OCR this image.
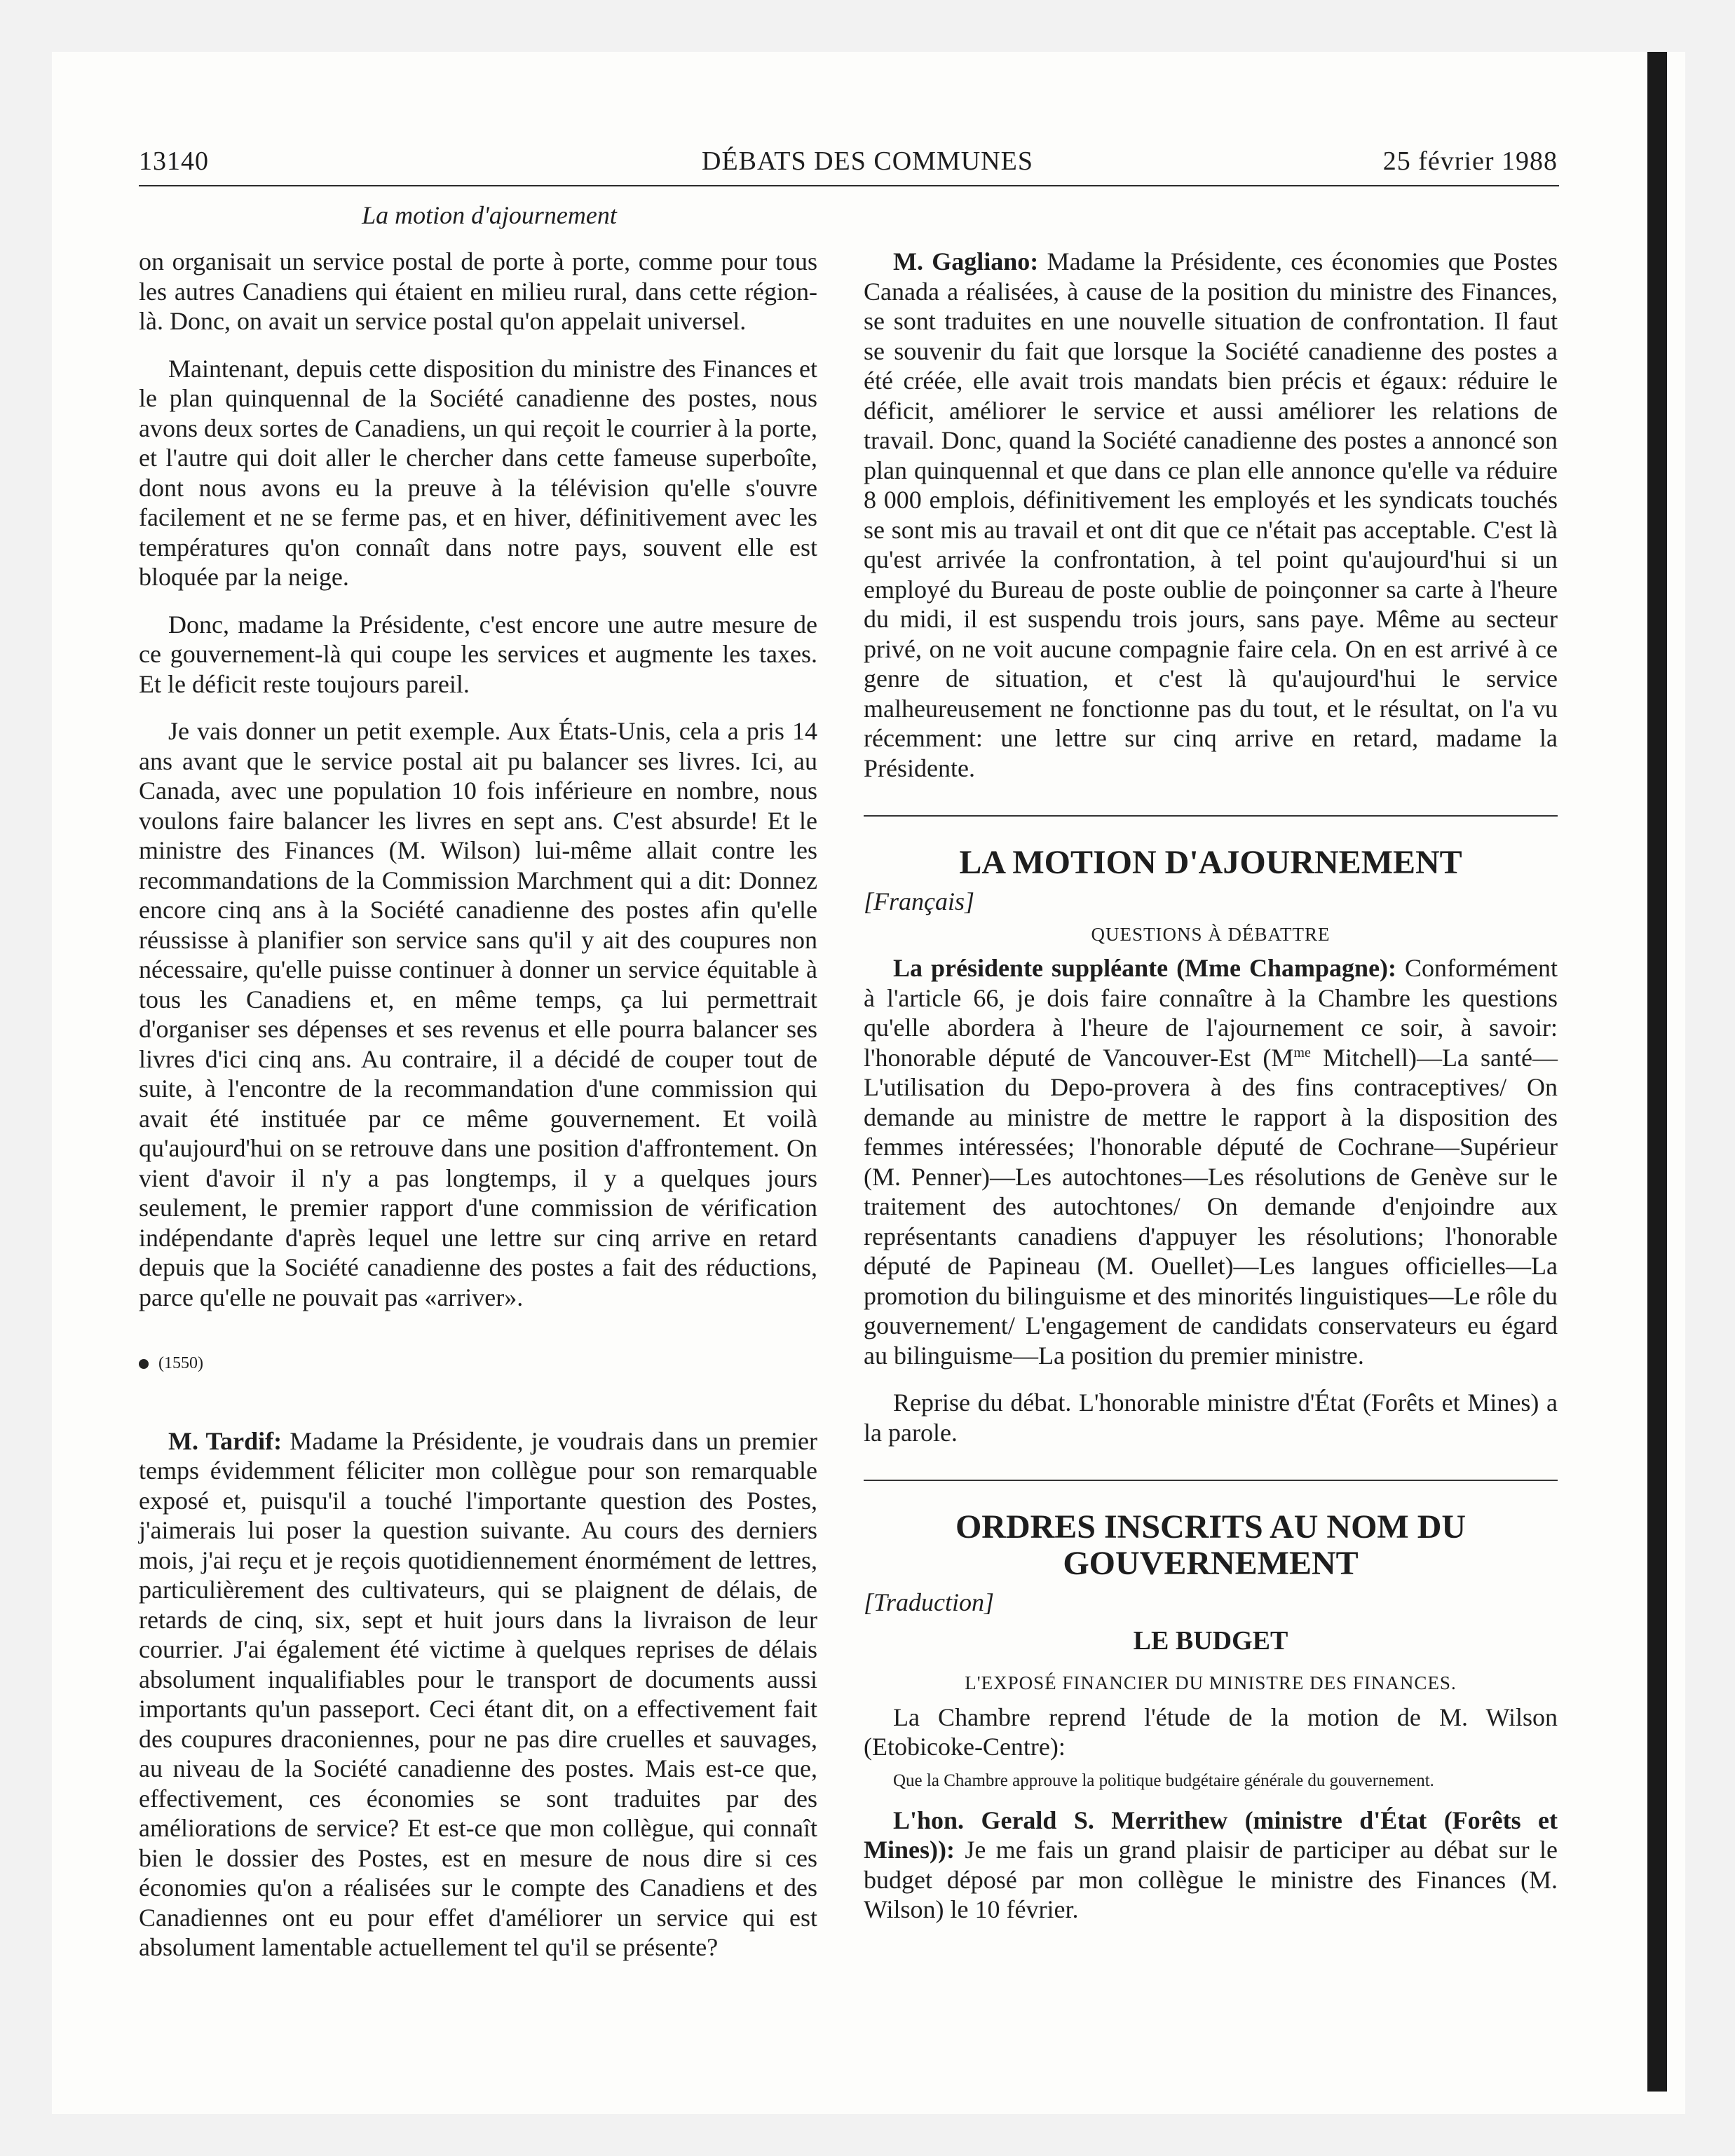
13140	DÉBATS DES COMMUNES	25 février 1988
La motion d'ajournement

on organisait un service postal de porte à porte, comme pour tous les autres Canadiens qui étaient en milieu rural, dans cette région-là. Donc, on avait un service postal qu'on appelait universel.

Maintenant, depuis cette disposition du ministre des Finances et le plan quinquennal de la Société canadienne des postes, nous avons deux sortes de Canadiens, un qui reçoit le courrier à la porte, et l'autre qui doit aller le chercher dans cette fameuse superboîte, dont nous avons eu la preuve à la télévision qu'elle s'ouvre facilement et ne se ferme pas, et en hiver, définitivement avec les températures qu'on connaît dans notre pays, souvent elle est bloquée par la neige.

Donc, madame la Présidente, c'est encore une autre mesure de ce gouvernement-là qui coupe les services et augmente les taxes. Et le déficit reste toujours pareil.

Je vais donner un petit exemple. Aux États-Unis, cela a pris 14 ans avant que le service postal ait pu balancer ses livres. Ici, au Canada, avec une population 10 fois inférieure en nombre, nous voulons faire balancer les livres en sept ans. C'est absurde! Et le ministre des Finances (M. Wilson) lui-même allait contre les recommandations de la Commission Marchment qui a dit: Donnez encore cinq ans à la Société canadienne des postes afin qu'elle réussisse à planifier son service sans qu'il y ait des coupures non nécessaire, qu'elle puisse continuer à donner un service équitable à tous les Canadiens et, en même temps, ça lui permettrait d'organiser ses dépenses et ses revenus et elle pourra balancer ses livres d'ici cinq ans. Au contraire, il a décidé de couper tout de suite, à l'encontre de la recommandation d'une commission qui avait été instituée par ce même gouvernement. Et voilà qu'aujourd'hui on se retrouve dans une position d'affrontement. On vient d'avoir il n'y a pas longtemps, il y a quelques jours seulement, le premier rapport d'une commission de vérification indépendante d'après lequel une lettre sur cinq arrive en retard depuis que la Société canadienne des postes a fait des réductions, parce qu'elle ne pouvait pas «arriver».

(1550)

M. Tardif: Madame la Présidente, je voudrais dans un premier temps évidemment féliciter mon collègue pour son remarquable exposé et, puisqu'il a touché l'importante question des Postes, j'aimerais lui poser la question suivante. Au cours des derniers mois, j'ai reçu et je reçois quotidiennement énormément de lettres, particulièrement des cultivateurs, qui se plaignent de délais, de retards de cinq, six, sept et huit jours dans la livraison de leur courrier. J'ai également été victime à quelques reprises de délais absolument inqualifiables pour le transport de documents aussi importants qu'un passeport. Ceci étant dit, on a effectivement fait des coupures draconiennes, pour ne pas dire cruelles et sauvages, au niveau de la Société canadienne des postes. Mais est-ce que, effectivement, ces économies se sont traduites par des améliorations de service? Et est-ce que mon collègue, qui connaît bien le dossier des Postes, est en mesure de nous dire si ces économies qu'on a réalisées sur le compte des Canadiens et des Canadiennes ont eu pour effet d'améliorer un service qui est absolument lamentable actuellement tel qu'il se présente?

M. Gagliano: Madame la Présidente, ces économies que Postes Canada a réalisées, à cause de la position du ministre des Finances, se sont traduites en une nouvelle situation de confrontation. Il faut se souvenir du fait que lorsque la Société canadienne des postes a été créée, elle avait trois mandats bien précis et égaux: réduire le déficit, améliorer le service et aussi améliorer les relations de travail. Donc, quand la Société canadienne des postes a annoncé son plan quinquennal et que dans ce plan elle annonce qu'elle va réduire 8 000 emplois, définitivement les employés et les syndicats touchés se sont mis au travail et ont dit que ce n'était pas acceptable. C'est là qu'est arrivée la confrontation, à tel point qu'aujourd'hui si un employé du Bureau de poste oublie de poinçonner sa carte à l'heure du midi, il est suspendu trois jours, sans paye. Même au secteur privé, on ne voit aucune compagnie faire cela. On en est arrivé à ce genre de situation, et c'est là qu'aujourd'hui le service malheureusement ne fonctionne pas du tout, et le résultat, on l'a vu récemment: une lettre sur cinq arrive en retard, madame la Présidente.

LA MOTION D'AJOURNEMENT
[Français]
QUESTIONS À DÉBATTRE

La présidente suppléante (Mme Champagne): Conformément à l'article 66, je dois faire connaître à la Chambre les questions qu'elle abordera à l'heure de l'ajournement ce soir, à savoir: l'honorable député de Vancouver-Est ($M^{me}$ Mitchell)—La santé—L'utilisation du Depo-provera à des fins contraceptives/ On demande au ministre de mettre le rapport à la disposition des femmes intéressées; l'honorable député de Cochrane—Supérieur (M. Penner)—Les autochtones—Les résolutions de Genève sur le traitement des autochtones/ On demande d'enjoindre aux représentants canadiens d'appuyer les résolutions; l'honorable député de Papineau (M. Ouellet)—Les langues officielles—La promotion du bilinguisme et des minorités linguistiques—Le rôle du gouvernement/ L'engagement de candidats conservateurs eu égard au bilinguisme—La position du premier ministre.

Reprise du débat. L'honorable ministre d'État (Forêts et Mines) a la parole.

ORDRES INSCRITS AU NOM DU GOUVERNEMENT
[Traduction]
LE BUDGET
L'EXPOSÉ FINANCIER DU MINISTRE DES FINANCES.

La Chambre reprend l'étude de la motion de M. Wilson (Etobicoke-Centre):

Que la Chambre approuve la politique budgétaire générale du gouvernement.

L'hon. Gerald S. Merrithew (ministre d'État (Forêts et Mines)): Je me fais un grand plaisir de participer au débat sur le budget déposé par mon collègue le ministre des Finances (M. Wilson) le 10 février.
